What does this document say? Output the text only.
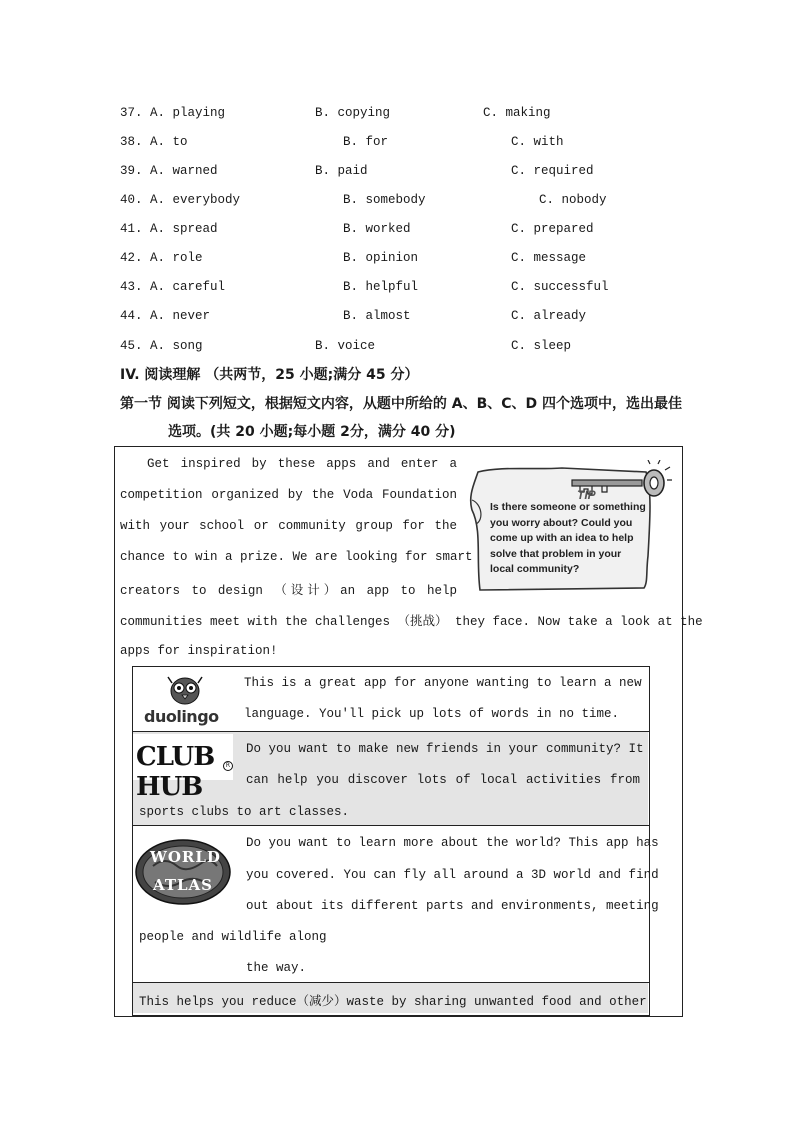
37. A. playing	B. copying	C. making
38. A. to	B. for	C. with
39. A. warned	B. paid	C. required
40. A. everybody	B. somebody	C. nobody
41. A. spread	B. worked	C. prepared
42. A. role	B. opinion	C. message
43. A. careful	B. helpful	C. successful
44. A. never	B. almost	C. already
45. A. song	B. voice	C. sleep
IV. 阅读理解 （共两节，25 小题;满分 45 分）
第一节 阅读下列短文，根据短文内容，从题中所给的 A、B、C、D 四个选项中，选出最佳
选项。(共 20 小题;每小题 2分，满分 40 分)
Get inspired by these apps and enter a
competition organized by the Voda Foundation
with your school or community group for the
chance to win a prize. We are looking for smart
creators to design （设计）an app to help
communities meet with the challenges （挑战） they face. Now take a look at the
apps for inspiration!
TIP
Is there someone or something you worry about? Could you come up with an idea to help solve that problem in your local community?
duolingo
This is a great app for anyone wanting to learn a new
language. You'll pick up lots of words in no time.
CLUB HUB
R
Do you want to make new friends in your community? It
can help you discover lots of local activities from
sports clubs to art classes.
WORLD
ATLAS
Do you want to learn more about the world? This app has
you covered. You can fly all around a 3D world and find
out about its different parts and environments, meeting
people and wildlife along
the way.
This helps you reduce（减少）waste by sharing unwanted food and other
